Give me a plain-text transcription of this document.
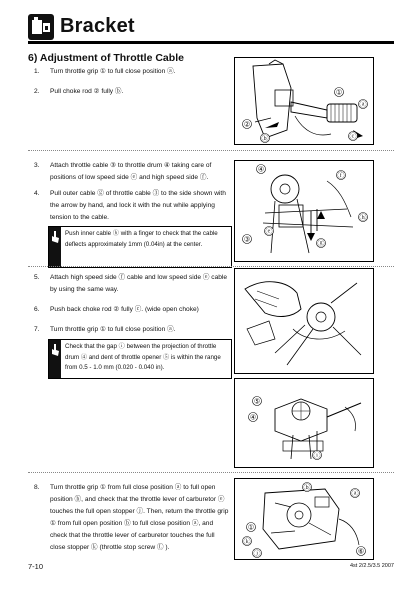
Bracket
6) Adjustment of Throttle Cable
1. Turn throttle grip ① to full close position ⓐ.
2. Pull choke rod ② fully ⓑ.
3. Attach throttle cable ③ to throttle drum ④ taking care of positions of low speed side ⓔ and high speed side ⓕ.
4. Pull outer cable ⓖ of throttle cable ③ to the side shown with the arrow by hand, and lock it with the nut while applying tension to the cable.
Push inner cable ⓗ with a finger to check that the cable deflects approximately 1mm (0.04in) at the center.
5. Attach high speed side ⓕ cable and low speed side ⓔ cable by using the same way.
6. Push back choke rod ② fully ⓒ. (wide open choke)
7. Turn throttle grip ① to full close position ⓐ.
Check that the gap ⓘ between the projection of throttle drum ④ and dent of throttle opener ⑤ is within the range from 0.5 - 1.0 mm (0.020 - 0.040 in).
8. Turn throttle grip ① from full close position ⓐ to full open position ⓑ, and check that the throttle lever of carburetor ⓔ touches the full open stopper ⓙ. Then, return the throttle grip ① from full open position ⓑ to full close position ⓐ, and check that the throttle lever of carburetor touches the full close stopper ⓚ (throttle stop screw Ⓛ ).
①
ⓐ
②
ⓑ	ⓒ
④
ⓕ
③
ⓔ
ⓖ
ⓗ
⑤
④
ⓘ
①
ⓑ
ⓐ
ⓚ
ⓙ	⑥
7-10	4st 2/2.5/3.5 2007
